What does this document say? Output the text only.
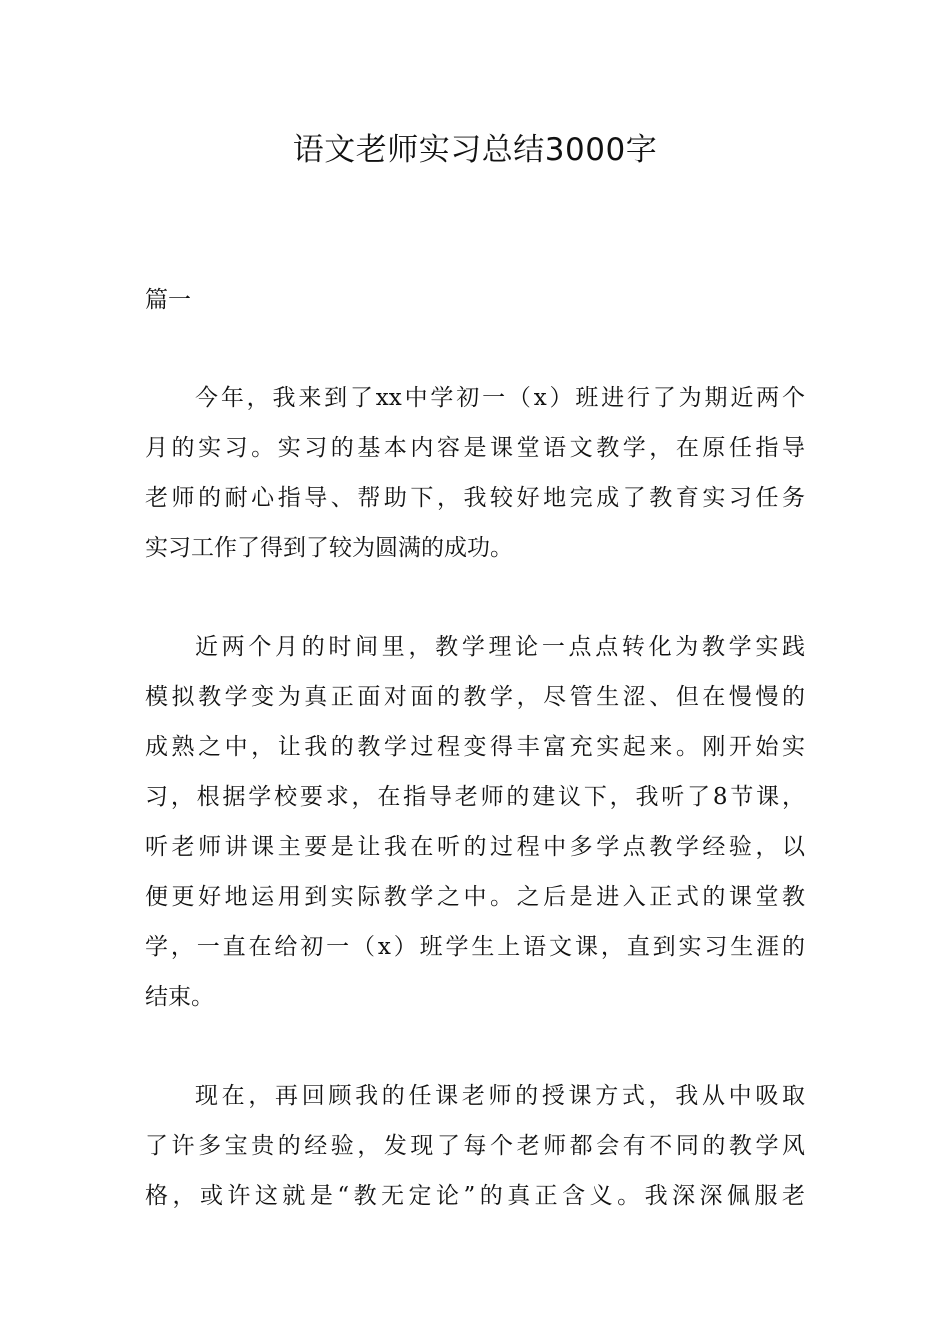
语文老师实习总结3000字
篇一
今年，我来到了xx中学初一（x）班进行了为期近两个
月的实习。实习的基本内容是课堂语文教学，在原任指导
老师的耐心指导、帮助下，我较好地完成了教育实习任务
实习工作了得到了较为圆满的成功。
近两个月的时间里，教学理论一点点转化为教学实践
模拟教学变为真正面对面的教学，尽管生涩、但在慢慢的
成熟之中，让我的教学过程变得丰富充实起来。刚开始实
习，根据学校要求，在指导老师的建议下，我听了8节课，
听老师讲课主要是让我在听的过程中多学点教学经验，以
便更好地运用到实际教学之中。之后是进入正式的课堂教
学，一直在给初一（x）班学生上语文课，直到实习生涯的
结束。
现在，再回顾我的任课老师的授课方式，我从中吸取
了许多宝贵的经验，发现了每个老师都会有不同的教学风
格，或许这就是“教无定论”的真正含义。我深深佩服老
